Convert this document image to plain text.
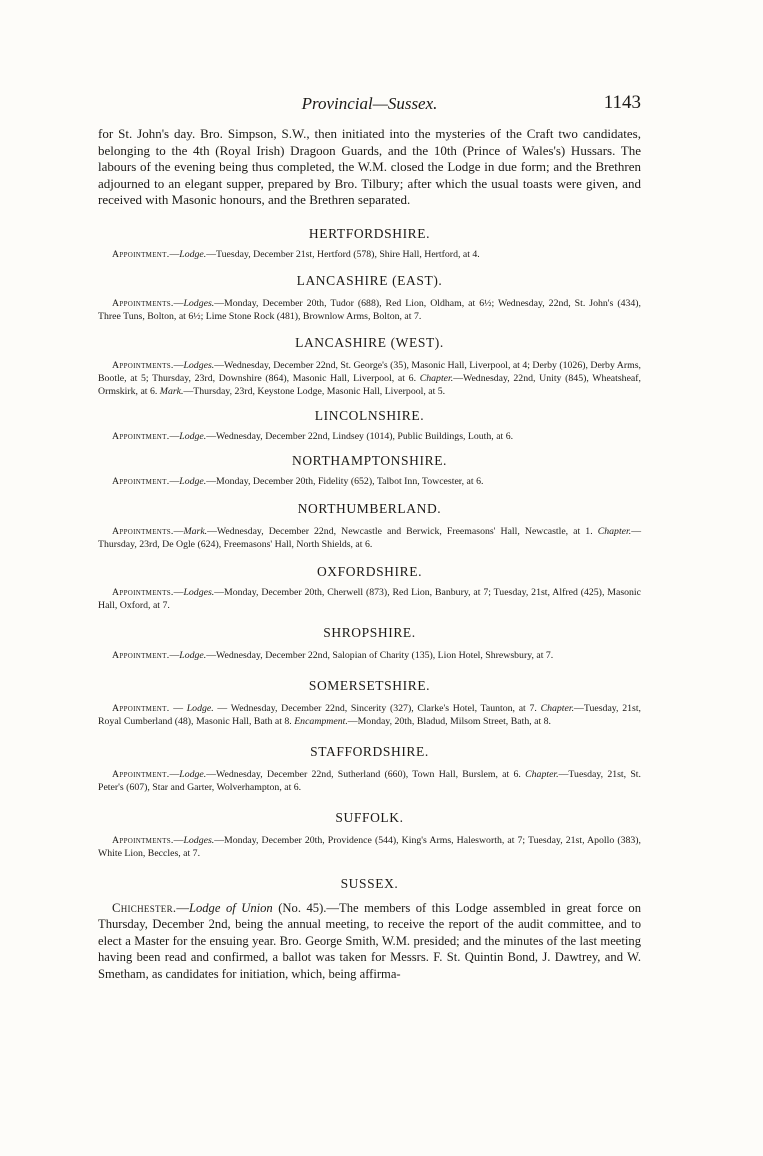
Provincial—Sussex.	1143

for St. John's day. Bro. Simpson, S.W., then initiated into the mysteries of the Craft two candidates, belonging to the 4th (Royal Irish) Dragoon Guards, and the 10th (Prince of Wales's) Hussars. The labours of the evening being thus completed, the W.M. closed the Lodge in due form; and the Brethren adjourned to an elegant supper, prepared by Bro. Tilbury; after which the usual toasts were given, and received with Masonic honours, and the Brethren separated.

HERTFORDSHIRE.

Appointment.—Lodge.—Tuesday, December 21st, Hertford (578), Shire Hall, Hertford, at 4.

LANCASHIRE (EAST).

Appointments.—Lodges.—Monday, December 20th, Tudor (688), Red Lion, Oldham, at 6½; Wednesday, 22nd, St. John's (434), Three Tuns, Bolton, at 6½; Lime Stone Rock (481), Brownlow Arms, Bolton, at 7.

LANCASHIRE (WEST).

Appointments.—Lodges.—Wednesday, December 22nd, St. George's (35), Masonic Hall, Liverpool, at 4; Derby (1026), Derby Arms, Bootle, at 5; Thursday, 23rd, Downshire (864), Masonic Hall, Liverpool, at 6. Chapter.—Wednesday, 22nd, Unity (845), Wheatsheaf, Ormskirk, at 6. Mark.—Thursday, 23rd, Keystone Lodge, Masonic Hall, Liverpool, at 5.

LINCOLNSHIRE.

Appointment.—Lodge.—Wednesday, December 22nd, Lindsey (1014), Public Buildings, Louth, at 6.

NORTHAMPTONSHIRE.

Appointment.—Lodge.—Monday, December 20th, Fidelity (652), Talbot Inn, Towcester, at 6.

NORTHUMBERLAND.

Appointments.—Mark.—Wednesday, December 22nd, Newcastle and Berwick, Freemasons' Hall, Newcastle, at 1. Chapter.—Thursday, 23rd, De Ogle (624), Freemasons' Hall, North Shields, at 6.

OXFORDSHIRE.

Appointments.—Lodges.—Monday, December 20th, Cherwell (873), Red Lion, Banbury, at 7; Tuesday, 21st, Alfred (425), Masonic Hall, Oxford, at 7.

SHROPSHIRE.

Appointment.—Lodge.—Wednesday, December 22nd, Salopian of Charity (135), Lion Hotel, Shrewsbury, at 7.

SOMERSETSHIRE.

Appointment. — Lodge. — Wednesday, December 22nd, Sincerity (327), Clarke's Hotel, Taunton, at 7. Chapter.—Tuesday, 21st, Royal Cumberland (48), Masonic Hall, Bath at 8. Encampment.—Monday, 20th, Bladud, Milsom Street, Bath, at 8.

STAFFORDSHIRE.

Appointment.—Lodge.—Wednesday, December 22nd, Sutherland (660), Town Hall, Burslem, at 6. Chapter.—Tuesday, 21st, St. Peter's (607), Star and Garter, Wolverhampton, at 6.

SUFFOLK.

Appointments.—Lodges.—Monday, December 20th, Providence (544), King's Arms, Halesworth, at 7; Tuesday, 21st, Apollo (383), White Lion, Beccles, at 7.

SUSSEX.

Chichester.—Lodge of Union (No. 45).—The members of this Lodge assembled in great force on Thursday, December 2nd, being the annual meeting, to receive the report of the audit committee, and to elect a Master for the ensuing year. Bro. George Smith, W.M. presided; and the minutes of the last meeting having been read and confirmed, a ballot was taken for Messrs. F. St. Quintin Bond, J. Dawtrey, and W. Smetham, as candidates for initiation, which, being affirma-
